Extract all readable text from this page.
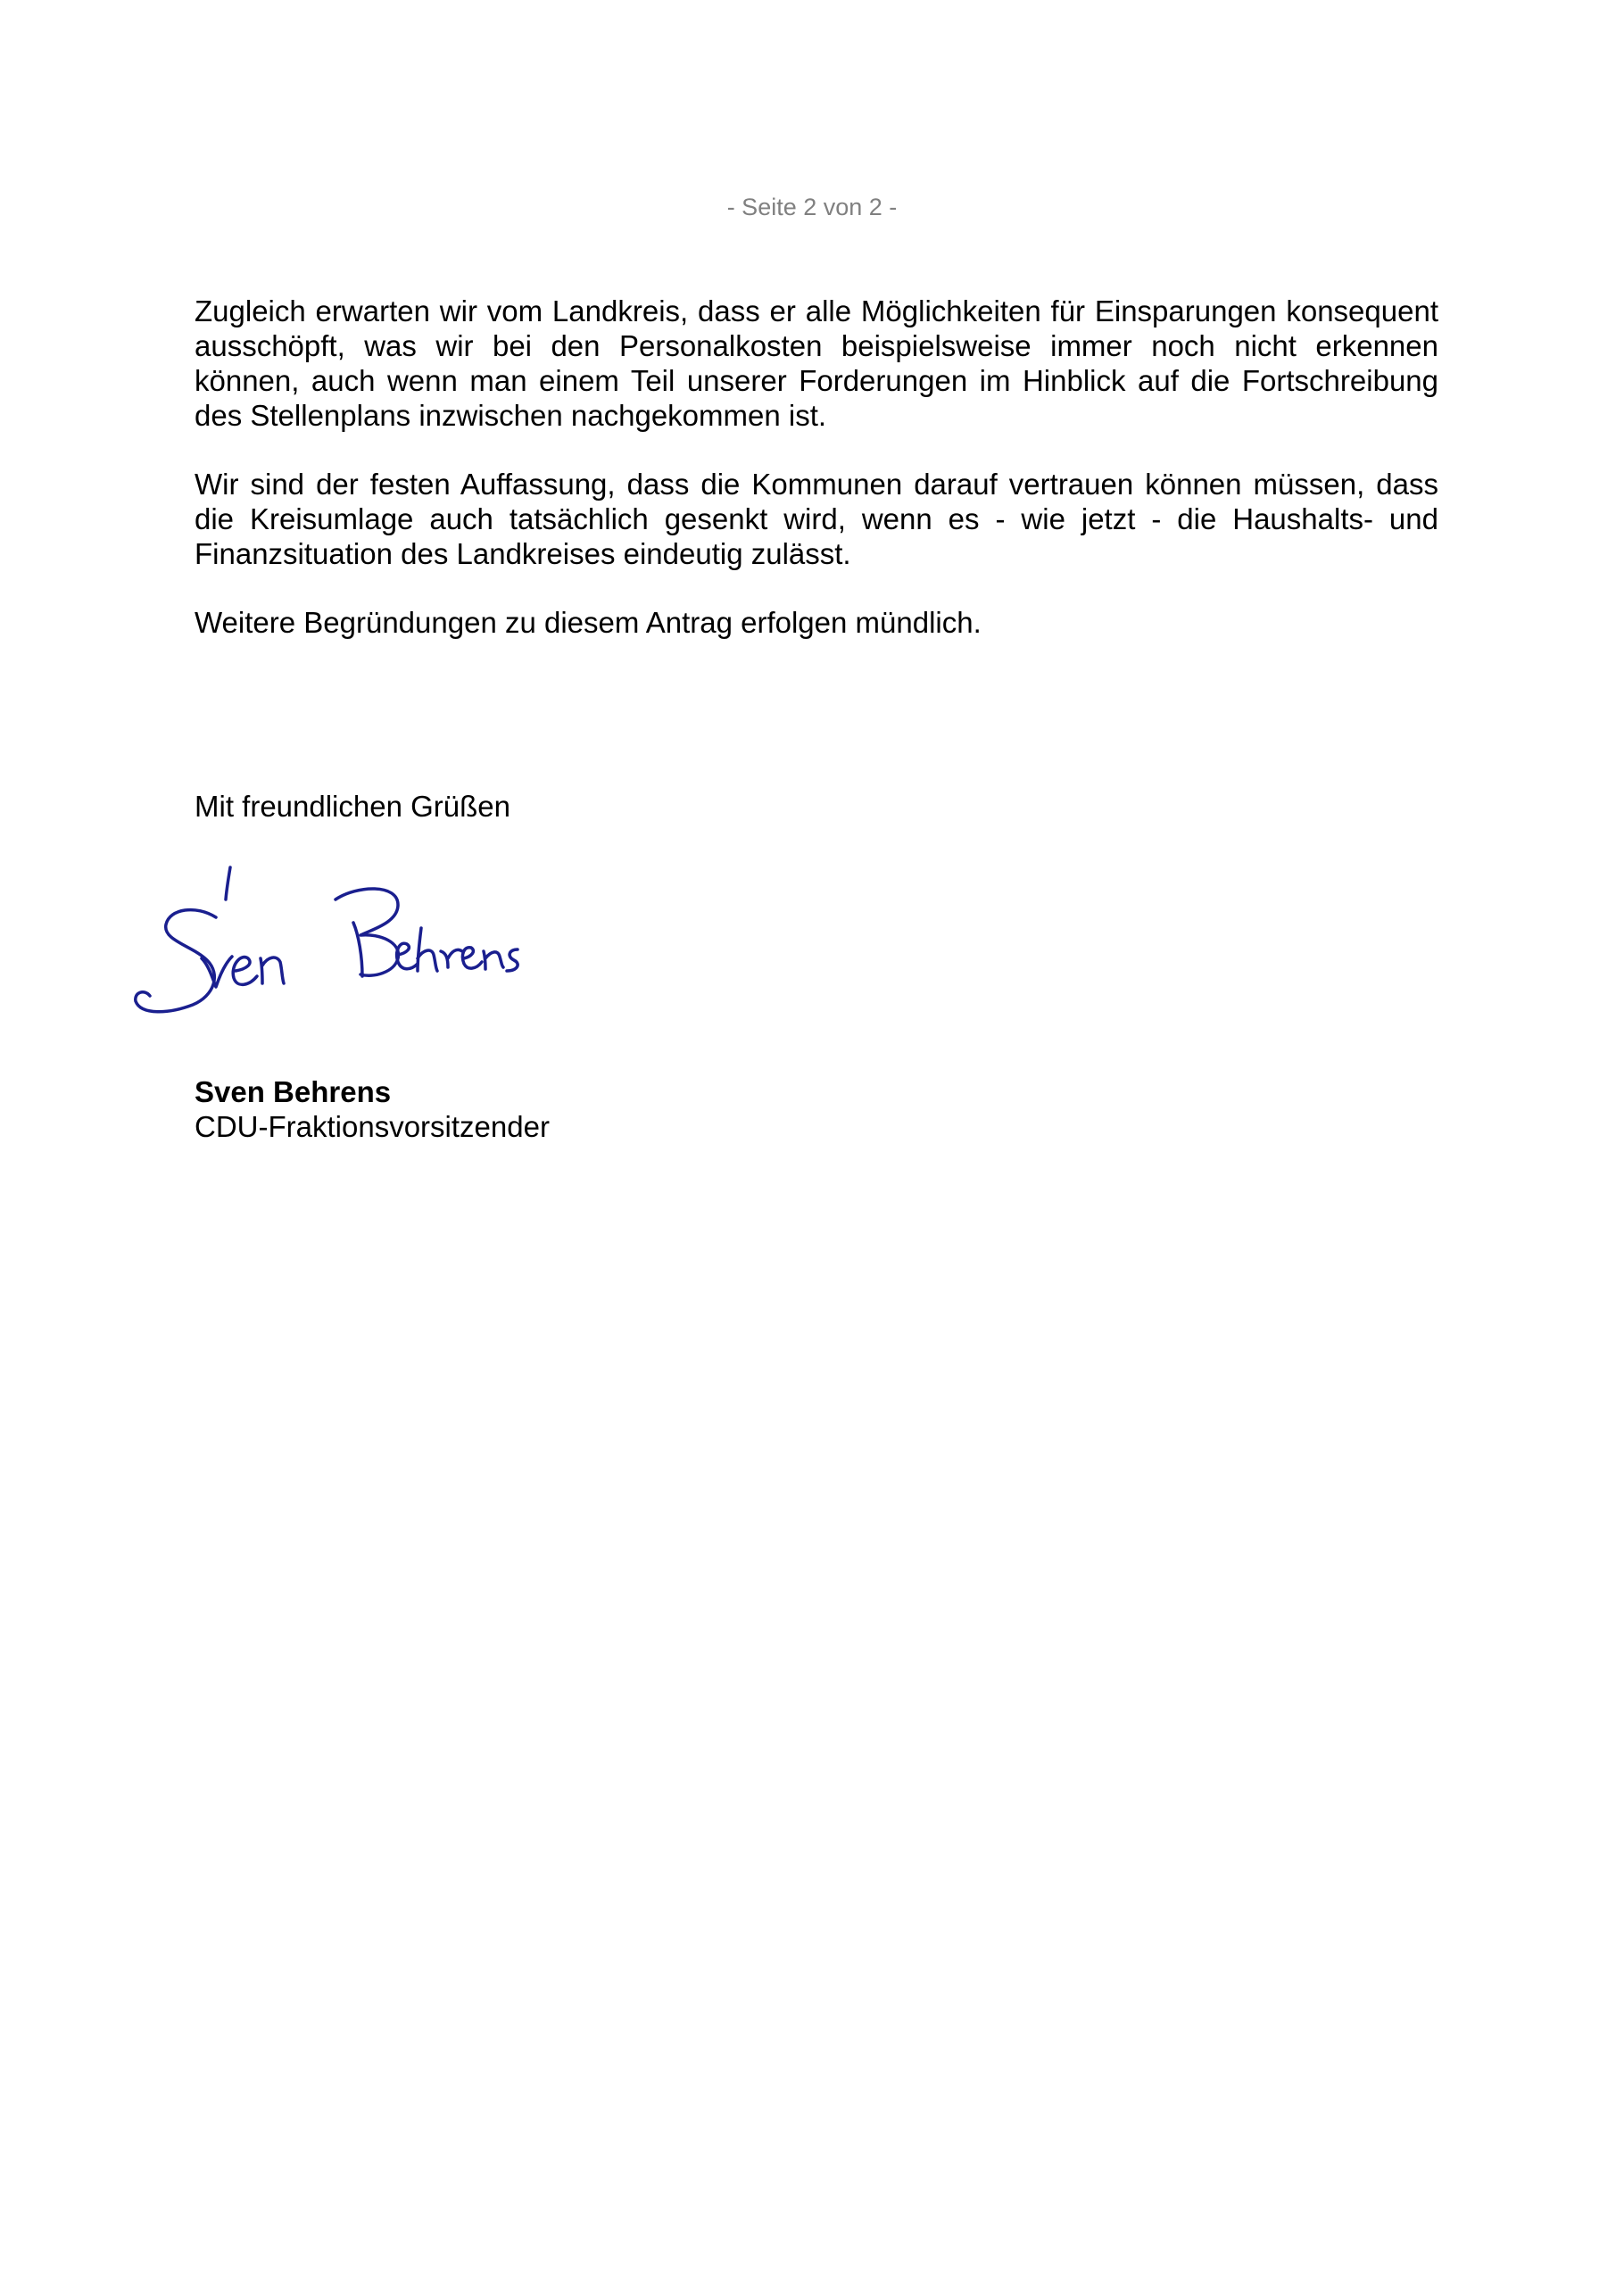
- Seite 2 von 2 -
Zugleich erwarten wir vom Landkreis, dass er alle Möglichkeiten für Einsparungen konsequent ausschöpft, was wir bei den Personalkosten beispielsweise immer noch nicht erkennen können, auch wenn man einem Teil unserer Forderungen im Hinblick auf die Fortschreibung des Stellenplans inzwischen nachgekommen ist.
Wir sind der festen Auffassung, dass die Kommunen darauf vertrauen können müssen, dass die Kreisumlage auch tatsächlich gesenkt wird, wenn es - wie jetzt - die Haushalts- und Finanzsituation des Landkreises eindeutig zulässt.
Weitere Begründungen zu diesem Antrag erfolgen mündlich.
Mit freundlichen Grüßen
Sven Behrens
CDU-Fraktionsvorsitzender
